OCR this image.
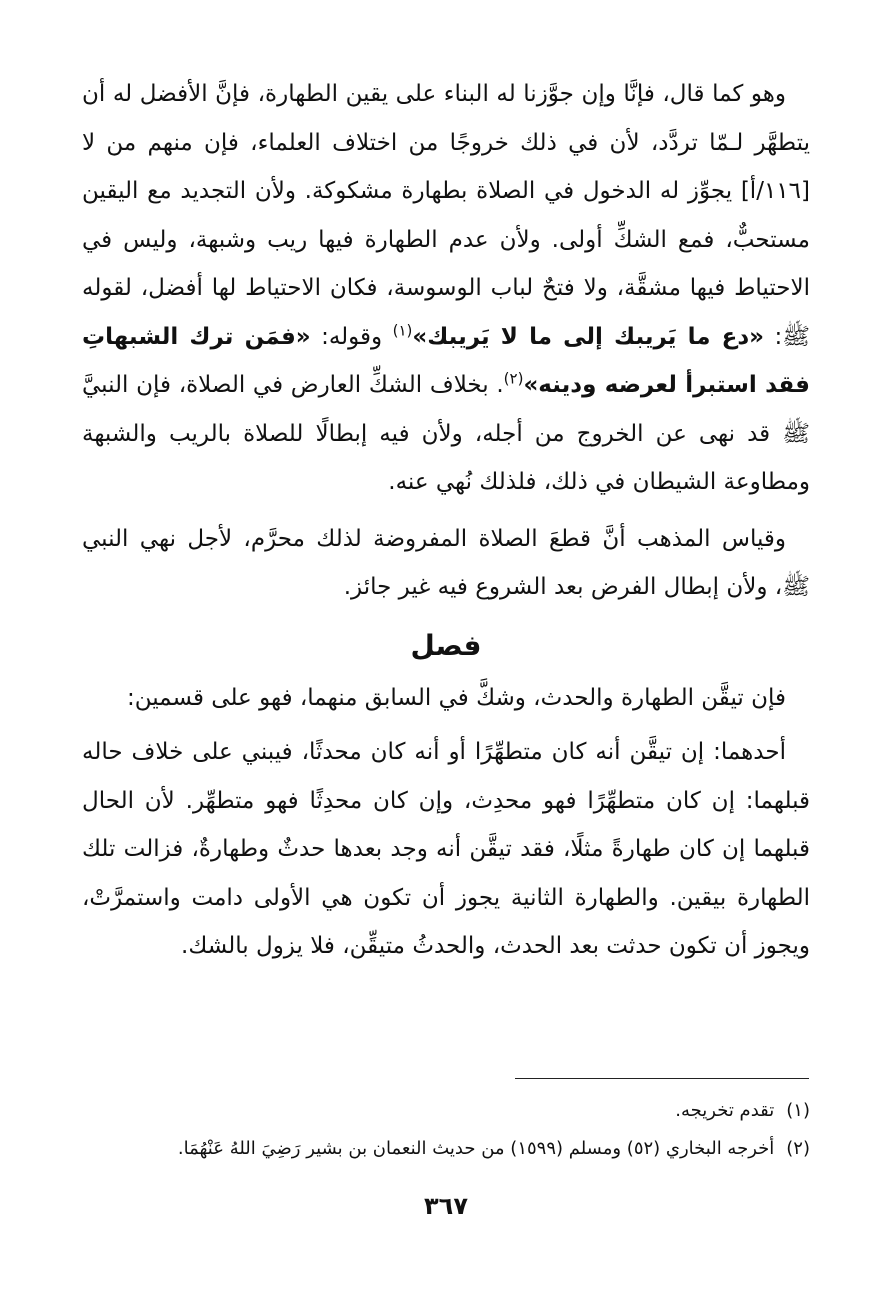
وهو كما قال، فإنَّا وإن جوَّزنا له البناء على يقين الطهارة، فإنَّ الأفضل له أن يتطهَّر لـمّا تردَّد، لأن في ذلك خروجًا من اختلاف العلماء، فإن منهم من لا [١١٦/أ] يجوِّز له الدخول في الصلاة بطهارة مشكوكة. ولأن التجديد مع اليقين مستحبٌّ، فمع الشكِّ أولى. ولأن عدم الطهارة فيها ريب وشبهة، وليس في الاحتياط فيها مشقَّة، ولا فتحٌ لباب الوسوسة، فكان الاحتياط لها أفضل، لقوله ﷺ: «دع ما يَريبك إلى ما لا يَريبك»$^{(١)}$ وقوله: «فمَن ترك الشبهاتِ فقد استبرأ لعرضه ودينه»$^{(٢)}$. بخلاف الشكِّ العارض في الصلاة، فإن النبيَّ ﷺ قد نهى عن الخروج من أجله، ولأن فيه إبطالًا للصلاة بالريب والشبهة ومطاوعة الشيطان في ذلك، فلذلك نُهي عنه.

وقياس المذهب أنَّ قطعَ الصلاة المفروضة لذلك محرَّم، لأجل نهي النبي ﷺ، ولأن إبطال الفرض بعد الشروع فيه غير جائز.

فصل

فإن تيقَّن الطهارة والحدث، وشكَّ في السابق منهما، فهو على قسمين:

أحدهما: إن تيقَّن أنه كان متطهِّرًا أو أنه كان محدثًا، فيبني على خلاف حاله قبلهما: إن كان متطهِّرًا فهو محدِث، وإن كان محدِثًا فهو متطهِّر. لأن الحال قبلهما إن كان طهارةً مثلًا، فقد تيقَّن أنه وجد بعدها حدثٌ وطهارةٌ، فزالت تلك الطهارة بيقين. والطهارة الثانية يجوز أن تكون هي الأولى دامت واستمرَّتْ، ويجوز أن تكون حدثت بعد الحدث، والحدثُ متيقِّن، فلا يزول بالشك.

(١)تقدم تخريجه.
(٢)أخرجه البخاري (٥٢) ومسلم (١٥٩٩) من حديث النعمان بن بشير رَضِيَ اللهُ عَنْهُمَا.
٣٦٧
